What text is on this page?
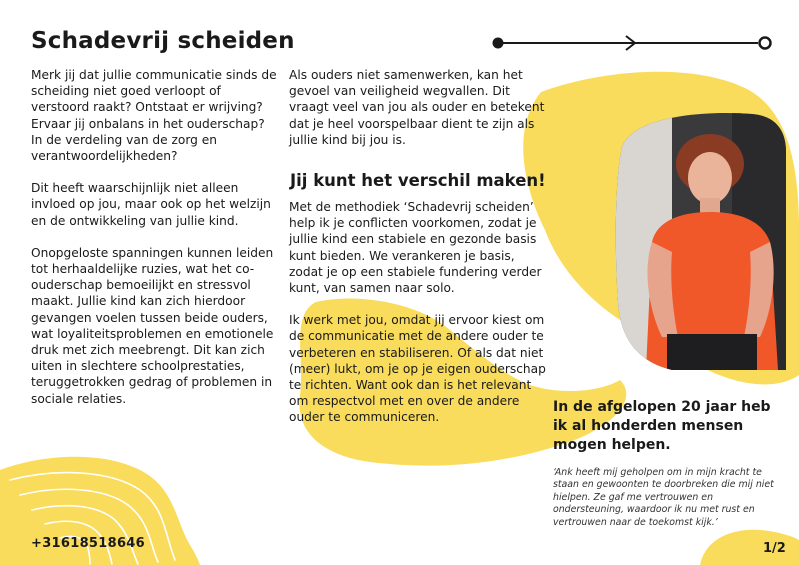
Schadevrij scheiden

Merk jij dat jullie communicatie sinds de scheiding niet goed verloopt of verstoord raakt? Ontstaat er wrijving? Ervaar jij onbalans in het ouderschap? In de verdeling van de zorg en verantwoordelijkheden?

Dit heeft waarschijnlijk niet alleen invloed op jou, maar ook op het welzijn en de ontwikkeling van jullie kind.

Onopgeloste spanningen kunnen leiden tot herhaaldelijke ruzies, wat het co-ouderschap bemoeilijkt en stressvol maakt. Jullie kind kan zich hierdoor gevangen voelen tussen beide ouders, wat loyaliteitsproblemen en emotionele druk met zich meebrengt. Dit kan zich uiten in slechtere schoolprestaties, teruggetrokken gedrag of problemen in sociale relaties.

Als ouders niet samenwerken, kan het gevoel van veiligheid wegvallen. Dit vraagt veel van jou als ouder en betekent dat je heel voorspelbaar dient te zijn als jullie kind bij jou is.

Jij kunt het verschil maken!

Met de methodiek ‘Schadevrij scheiden’ help ik je conflicten voorkomen, zodat je jullie kind een stabiele en gezonde basis kunt bieden. We verankeren je basis, zodat je op een stabiele fundering verder kunt, van samen naar solo.

Ik werk met jou, omdat jij ervoor kiest om de communicatie met de andere ouder te verbeteren en stabiliseren. Of als dat niet (meer) lukt, om je op je eigen ouderschap te richten. Want ook dan is het relevant om respectvol met en over de andere ouder te communiceren.

In de afgelopen 20 jaar heb ik al honderden mensen mogen helpen.
‘Ank heeft mij geholpen om in mijn kracht te staan en gewoonten te doorbreken die mij niet hielpen. Ze gaf me vertrouwen en ondersteuning, waardoor ik nu met rust en vertrouwen naar de toekomst kijk.’
+31618518646	1/2
